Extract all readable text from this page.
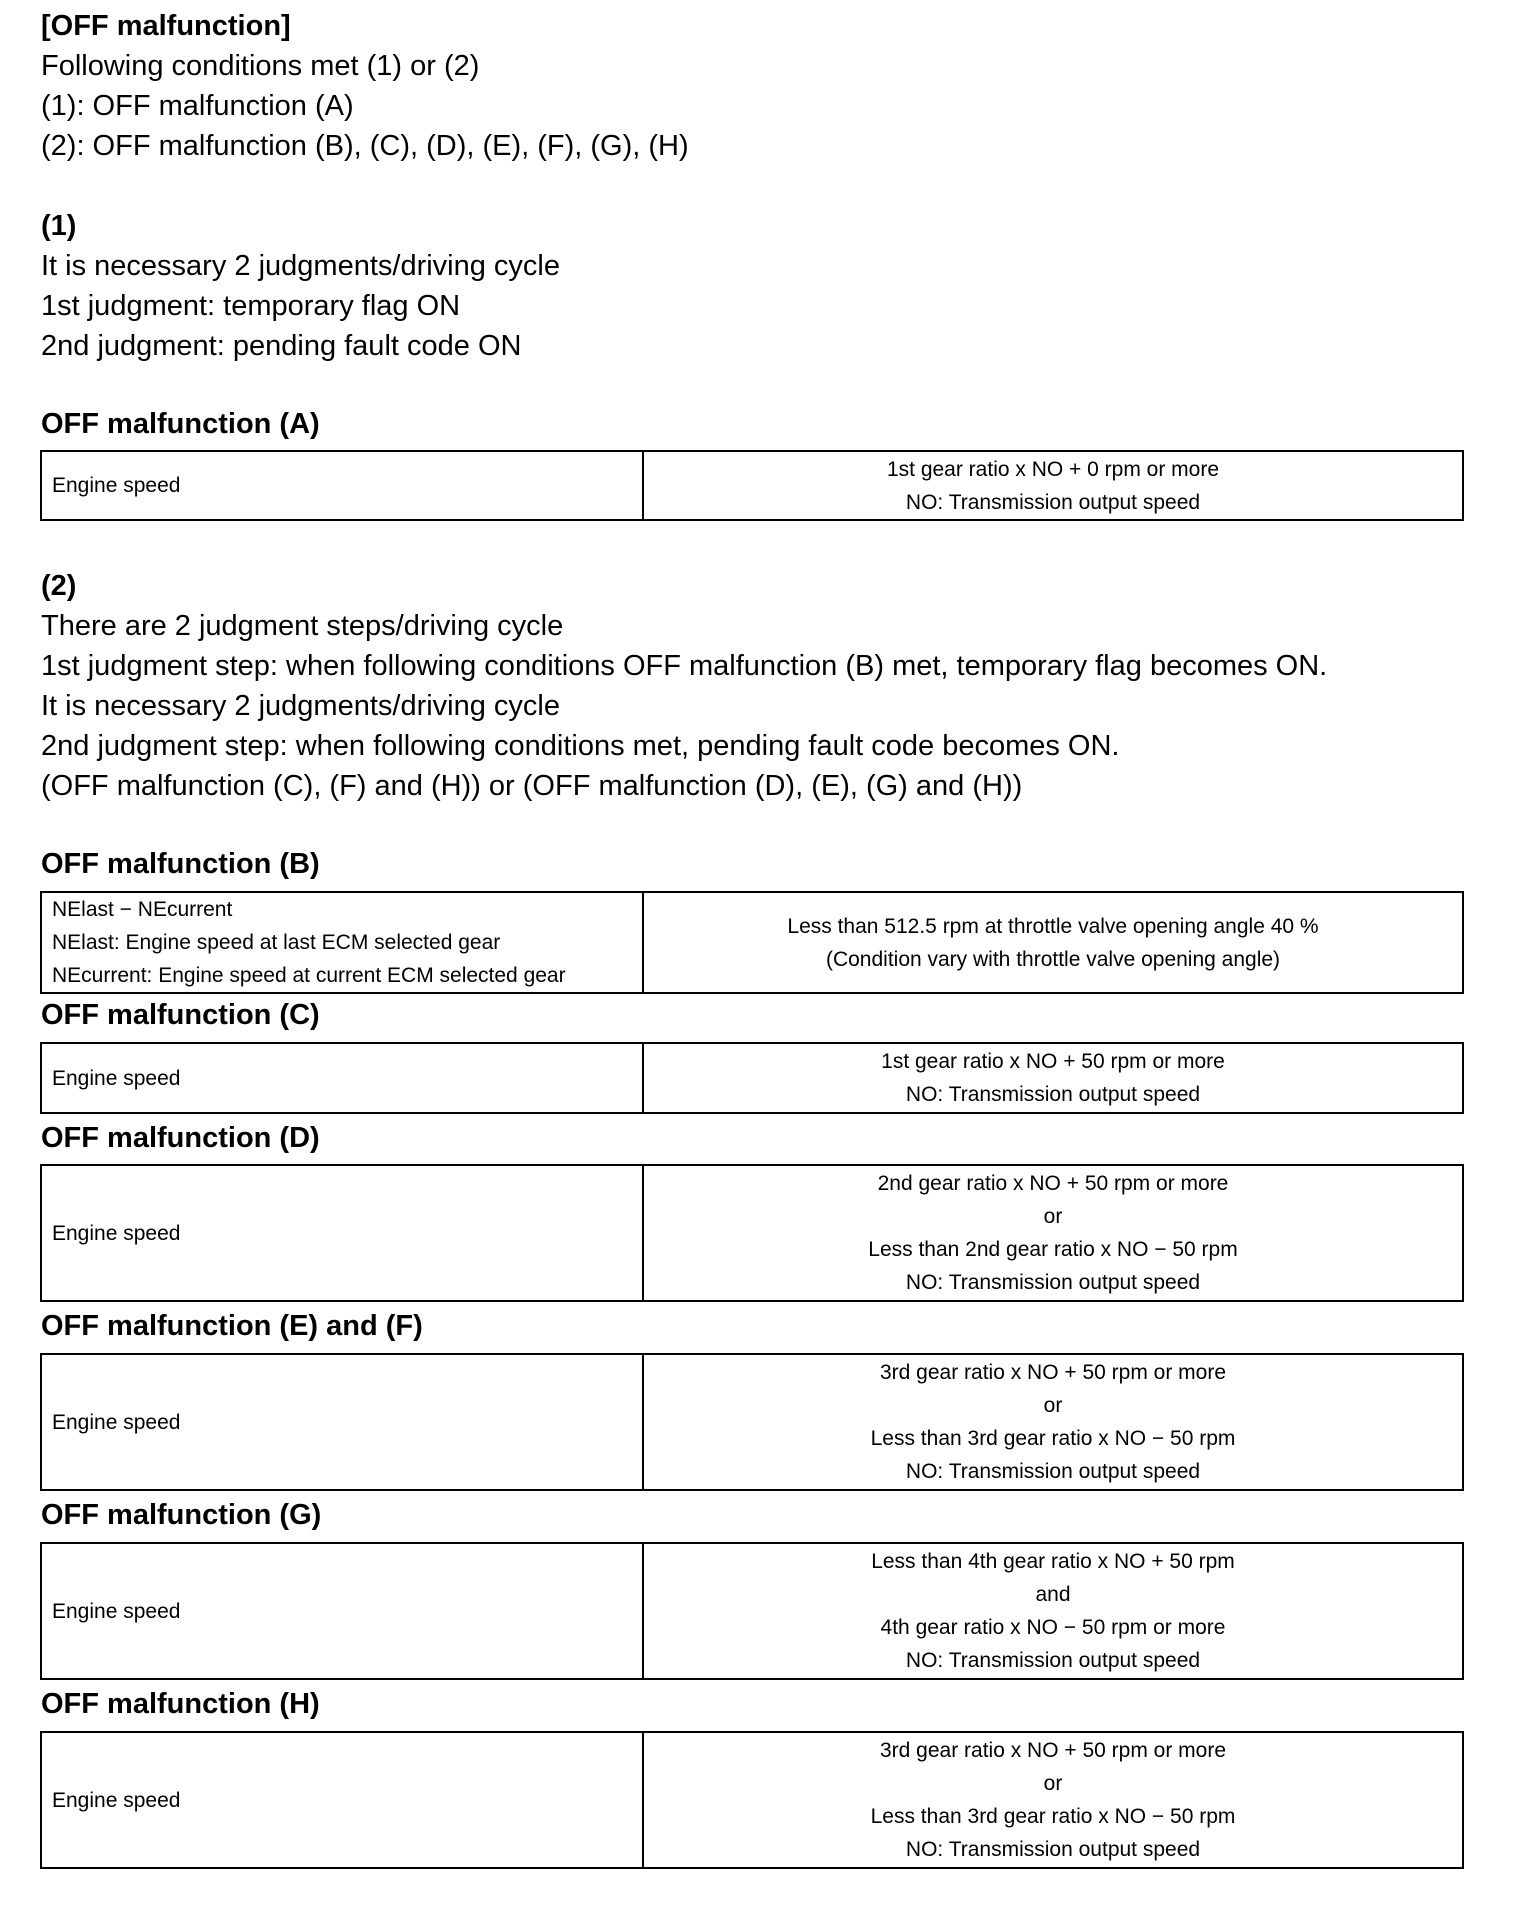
[OFF malfunction]
Following conditions met (1) or (2)
(1): OFF malfunction (A)
(2): OFF malfunction (B), (C), (D), (E), (F), (G), (H)
(1)
It is necessary 2 judgments/driving cycle
1st judgment: temporary flag ON
2nd judgment: pending fault code ON
OFF malfunction (A)
Engine speed

1st gear ratio x NO + 0 rpm or more
NO: Transmission output speed
(2)
There are 2 judgment steps/driving cycle
1st judgment step: when following conditions OFF malfunction (B) met, temporary flag becomes ON.
It is necessary 2 judgments/driving cycle
2nd judgment step: when following conditions met, pending fault code becomes ON.
(OFF malfunction (C), (F) and (H)) or (OFF malfunction (D), (E), (G) and (H))
OFF malfunction (B)
NElast − NEcurrent
NElast: Engine speed at last ECM selected gear
NEcurrent: Engine speed at current ECM selected gear

Less than 512.5 rpm at throttle valve opening angle 40 %
(Condition vary with throttle valve opening angle)
OFF malfunction (C)
Engine speed

1st gear ratio x NO + 50 rpm or more
NO: Transmission output speed
OFF malfunction (D)
Engine speed

2nd gear ratio x NO + 50 rpm or more
or
Less than 2nd gear ratio x NO − 50 rpm
NO: Transmission output speed
OFF malfunction (E) and (F)
Engine speed

3rd gear ratio x NO + 50 rpm or more
or
Less than 3rd gear ratio x NO − 50 rpm
NO: Transmission output speed
OFF malfunction (G)
Engine speed

Less than 4th gear ratio x NO + 50 rpm
and
4th gear ratio x NO − 50 rpm or more
NO: Transmission output speed
OFF malfunction (H)
Engine speed

3rd gear ratio x NO + 50 rpm or more
or
Less than 3rd gear ratio x NO − 50 rpm
NO: Transmission output speed
